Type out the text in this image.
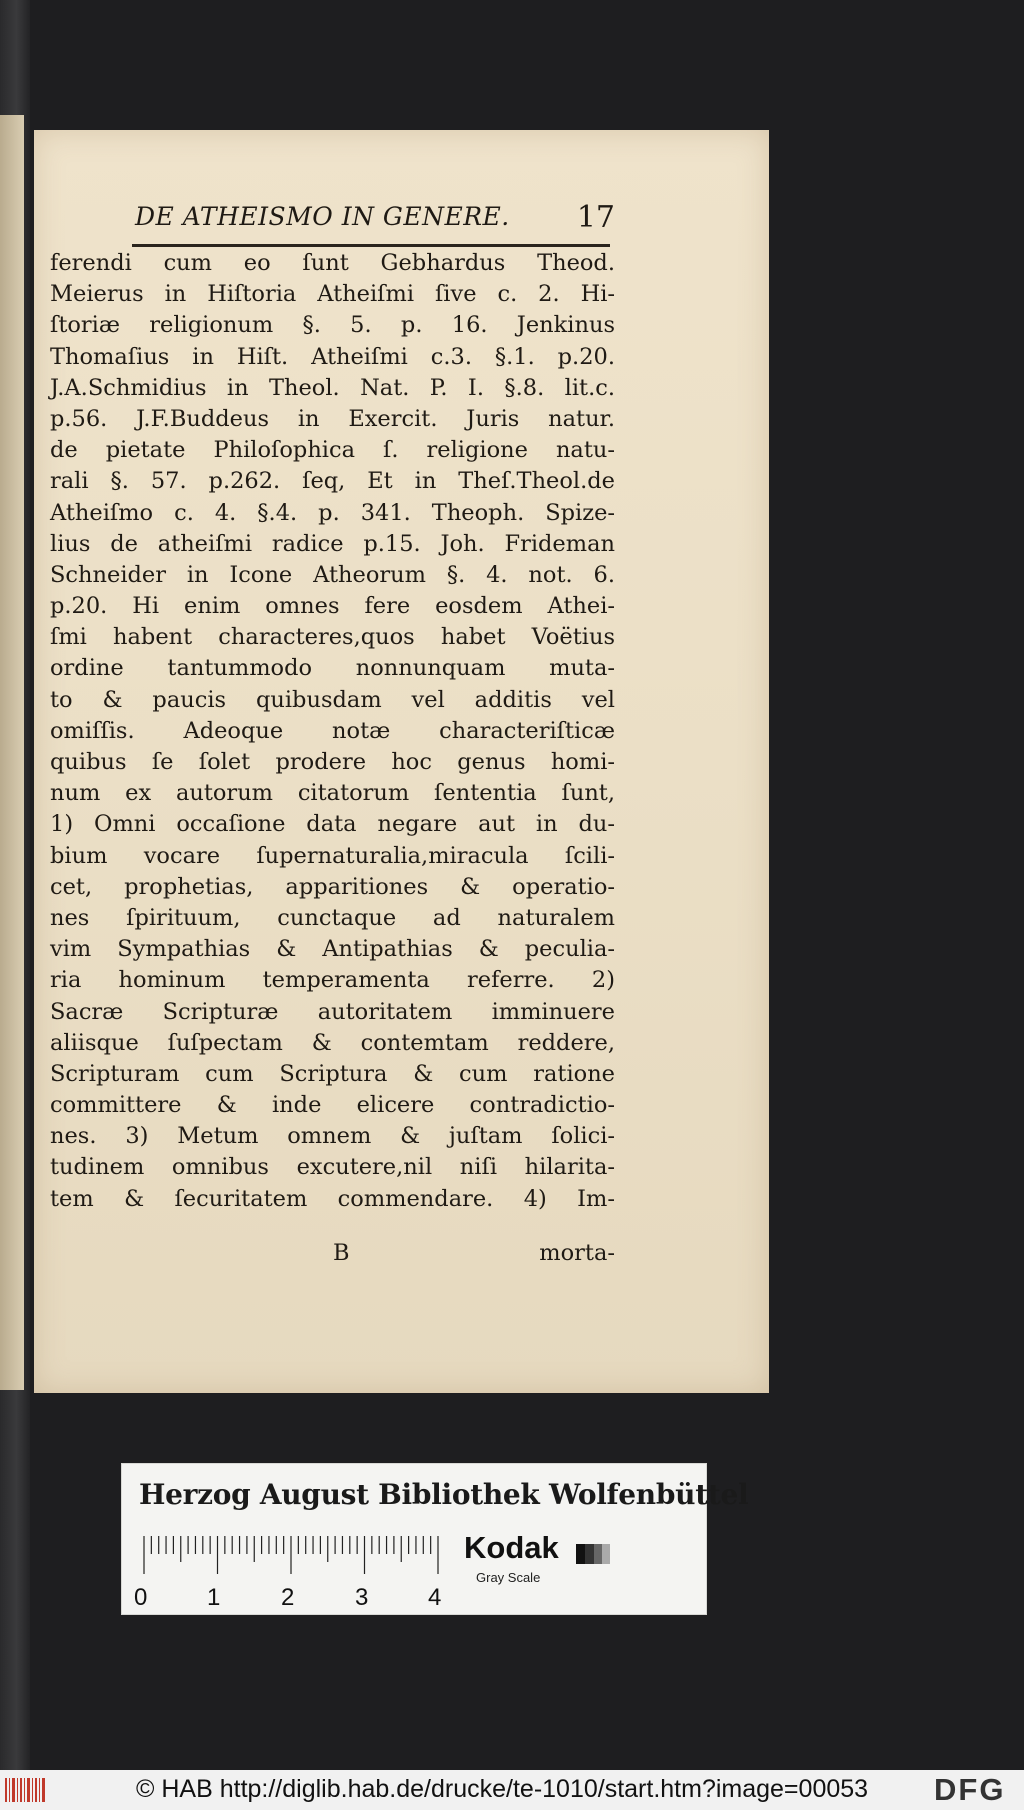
DE ATHEISMO IN GENERE. 17
ferendi cum eo ſunt Gebhardus Theod.
Meierus in Hiſtoria Atheiſmi ſive c. 2. Hi-
ſtoriæ religionum §. 5. p. 16. Jenkinus
Thomaſius in Hiſt. Atheiſmi c.3. §.1. p.20.
J.A.Schmidius in Theol. Nat. P. I. §.8. lit.c.
p.56. J.F.Buddeus in Exercit. Juris natur.
de pietate Philoſophica ſ. religione natu-
rali §. 57. p.262. ſeq, Et in Theſ.Theol.de
Atheiſmo c. 4. §.4. p. 341. Theoph. Spize-
lius de atheiſmi radice p.15. Joh. Frideman
Schneider in Icone Atheorum §. 4. not. 6.
p.20. Hi enim omnes fere eosdem Athei-
ſmi habent characteres,quos habet Voëtius
ordine tantummodo nonnunquam muta-
to & paucis quibusdam vel additis vel
omiſſis. Adeoque notæ characteriſticæ
quibus ſe ſolet prodere hoc genus homi-
num ex autorum citatorum ſententia ſunt,
1) Omni occaſione data negare aut in du-
bium vocare ſupernaturalia,miracula ſcili-
cet, prophetias, apparitiones & operatio-
nes ſpirituum, cunctaque ad naturalem
vim Sympathias & Antipathias & peculia-
ria hominum temperamenta referre. 2)
Sacræ Scripturæ autoritatem imminuere
aliisque ſuſpectam & contemtam reddere,
Scripturam cum Scriptura & cum ratione
committere & inde elicere contradictio-
nes. 3) Metum omnem & juſtam ſolici-
tudinem omnibus excutere,nil niſi hilarita-
tem & ſecuritatem commendare. 4) Im-
B	morta-
Herzog August Bibliothek Wolfenbüttel
0 1	2	3 4
Kodak
Gray Scale
© HAB http://diglib.hab.de/drucke/te-1010/start.htm?image=00053 DFG
